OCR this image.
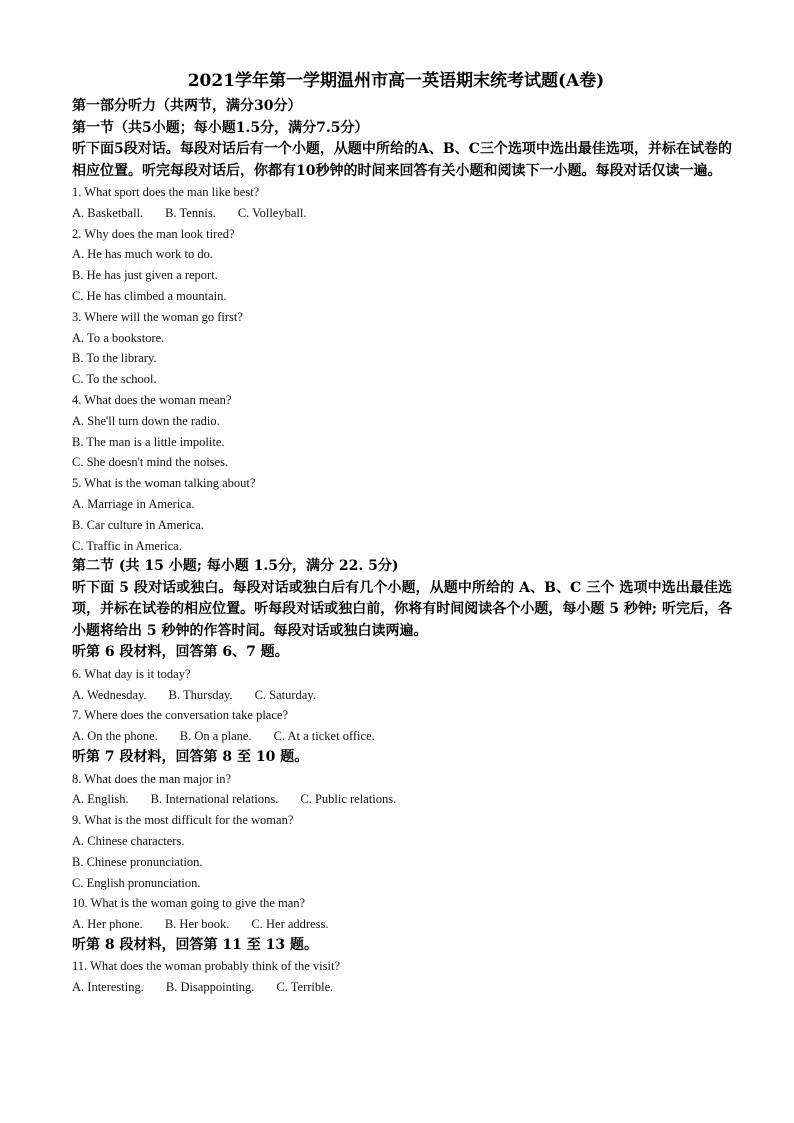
2021学年第一学期温州市高一英语期末统考试题(A卷)
第一部分听力（共两节，满分30分）
第一节（共5小题；每小题1.5分，满分7.5分）
听下面5段对话。每段对话后有一个小题，从题中所给的A、B、C三个选项中选出最佳选项，并标在试卷的相应位置。听完每段对话后，你都有10秒钟的时间来回答有关小题和阅读下一小题。每段对话仅读一遍。
1. What sport does the man like best?
A. Basketball. B. Tennis. C. Volleyball.
2. Why does the man look tired?
A. He has much work to do.
B. He has just given a report.
C. He has climbed a mountain.
3. Where will the woman go first?
A. To a bookstore.
B. To the library.
C. To the school.
4. What does the woman mean?
A. She'll turn down the radio.
B. The man is a little impolite.
C. She doesn't mind the noises.
5. What is the woman talking about?
A. Marriage in America.
B. Car culture in America.
C. Traffic in America.
第二节 (共 15 小题; 每小题 1.5分，满分 22. 5分)
听下面 5 段对话或独白。每段对话或独白后有几个小题，从题中所给的 A、B、C 三个 选项中选出最佳选项，并标在试卷的相应位置。听每段对话或独白前，你将有时间阅读各个小题，每小题 5 秒钟; 听完后，各小题将给出 5 秒钟的作答时间。每段对话或独白读两遍。
听第 6 段材料，回答第 6、7 题。
6. What day is it today?
A. Wednesday. B. Thursday. C. Saturday.
7. Where does the conversation take place?
A. On the phone. B. On a plane. C. At a ticket office.
听第 7 段材料，回答第 8 至 10 题。
8. What does the man major in?
A. English. B. International relations. C. Public relations.
9. What is the most difficult for the woman?
A. Chinese characters.
B. Chinese pronunciation.
C. English pronunciation.
10. What is the woman going to give the man?
A. Her phone. B. Her book. C. Her address.
听第 8 段材料，回答第 11 至 13 题。
11. What does the woman probably think of the visit?
A. Interesting. B. Disappointing. C. Terrible.
